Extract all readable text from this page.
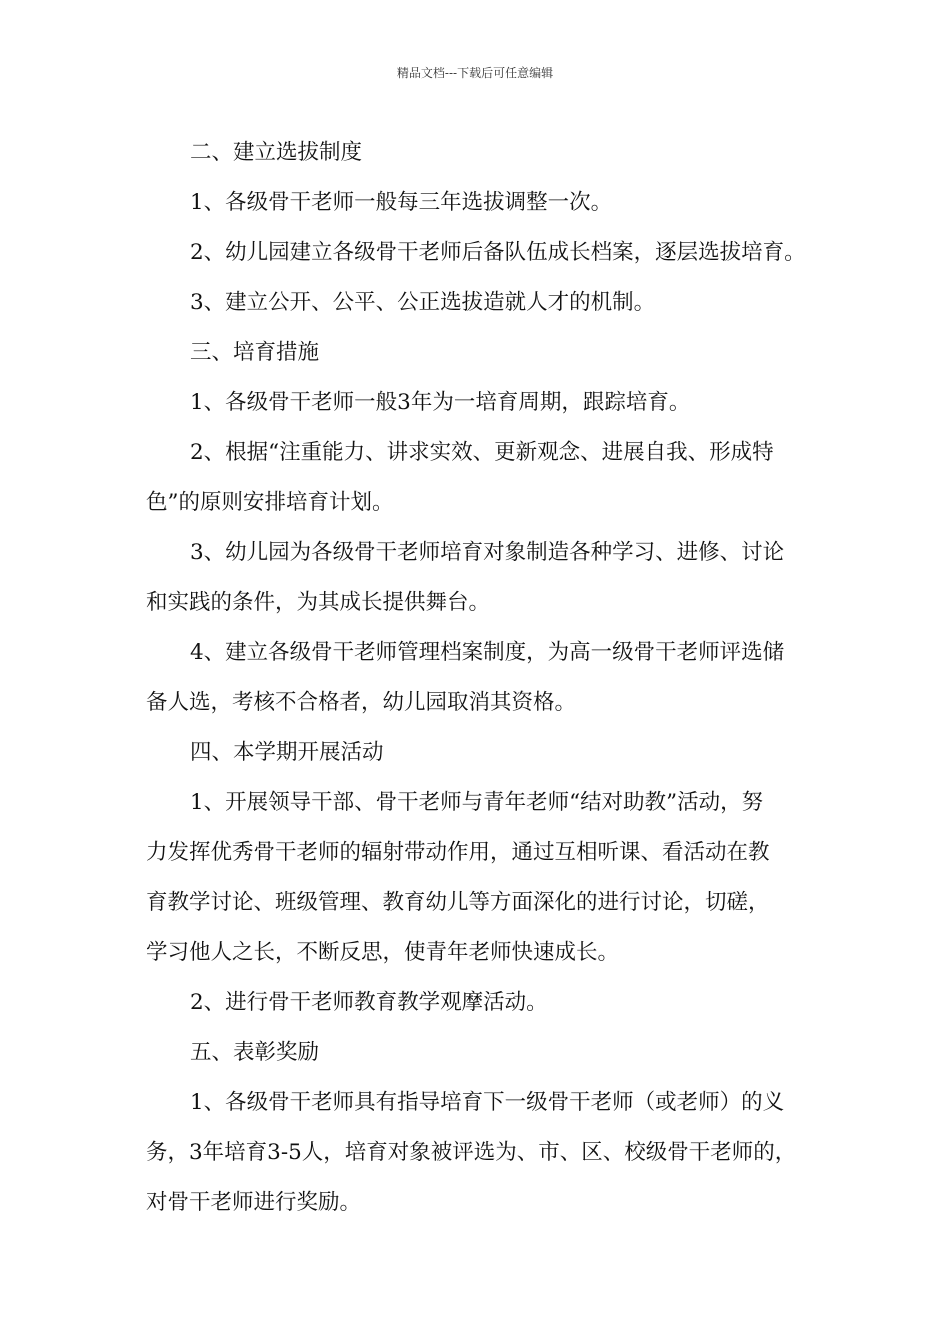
精品文档---下载后可任意编辑
二、建立选拔制度
1、各级骨干老师一般每三年选拔调整一次。
2、幼儿园建立各级骨干老师后备队伍成长档案，逐层选拔培育。
3、建立公开、公平、公正选拔造就人才的机制。
三、培育措施
1、各级骨干老师一般3年为一培育周期，跟踪培育。
2、根据“注重能力、讲求实效、更新观念、进展自我、形成特
色”的原则安排培育计划。
3、幼儿园为各级骨干老师培育对象制造各种学习、进修、讨论
和实践的条件，为其成长提供舞台。
4、建立各级骨干老师管理档案制度，为高一级骨干老师评选储
备人选，考核不合格者，幼儿园取消其资格。
四、本学期开展活动
1、开展领导干部、骨干老师与青年老师“结对助教”活动，努
力发挥优秀骨干老师的辐射带动作用，通过互相听课、看活动在教
育教学讨论、班级管理、教育幼儿等方面深化的进行讨论，切磋，
学习他人之长，不断反思，使青年老师快速成长。
2、进行骨干老师教育教学观摩活动。
五、表彰奖励
1、各级骨干老师具有指导培育下一级骨干老师（或老师）的义
务，3年培育3-5人，培育对象被评选为、市、区、校级骨干老师的，
对骨干老师进行奖励。
